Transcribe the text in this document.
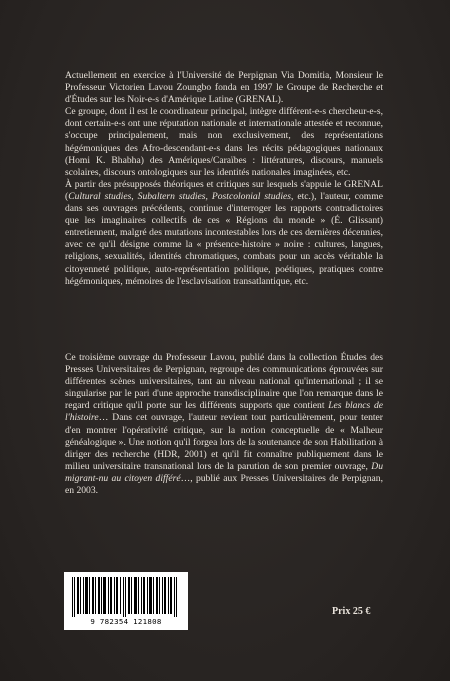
Actuellement en exercice à l'Université de Perpignan Via Domitia, Monsieur le Professeur Victorien Lavou Zoungbo fonda en 1997 le Groupe de Recherche et d'Études sur les Noir-e-s d'Amérique Latine (GRENAL).

Ce groupe, dont il est le coordinateur principal, intègre différent-e-s chercheur-e-s, dont certain-e-s ont une réputation nationale et internationale attestée et reconnue, s'occupe principalement, mais non exclusivement, des représentations hégémoniques des Afro-descendant-e-s dans les récits pédagogiques nationaux (Homi K. Bhabha) des Amériques/Caraïbes : littératures, discours, manuels scolaires, discours ontologiques sur les identités nationales imaginées, etc.

À partir des présupposés théoriques et critiques sur lesquels s'appuie le GRENAL (Cultural studies, Subaltern studies, Postcolonial studies, etc.), l'auteur, comme dans ses ouvrages précédents, continue d'interroger les rapports contradictoires que les imaginaires collectifs de ces « Régions du monde » (É. Glissant) entretiennent, malgré des mutations incontestables lors de ces dernières décennies, avec ce qu'il désigne comme la « présence-histoire » noire : cultures, langues, religions, sexualités, identités chromatiques, combats pour un accès véritable la citoyenneté politique, auto-représentation politique, poétiques, pratiques contre hégémoniques, mémoires de l'esclavisation transatlantique, etc.

Ce troisième ouvrage du Professeur Lavou, publié dans la collection Études des Presses Universitaires de Perpignan, regroupe des communications éprouvées sur différentes scènes universitaires, tant au niveau national qu'international ; il se singularise par le pari d'une approche transdisciplinaire que l'on remarque dans le regard critique qu'il porte sur les différents supports que contient Les blancs de l'histoire… Dans cet ouvrage, l'auteur revient tout particulièrement, pour tenter d'en montrer l'opérativité critique, sur la notion conceptuelle de « Malheur généalogique ». Une notion qu'il forgea lors de la soutenance de son Habilitation à diriger des recherche (HDR, 2001) et qu'il fit connaître publiquement dans le milieu universitaire transnational lors de la parution de son premier ouvrage, Du migrant-nu au citoyen différé…, publié aux Presses Universitaires de Perpignan, en 2003.

9 782354 121808
Prix 25 €
